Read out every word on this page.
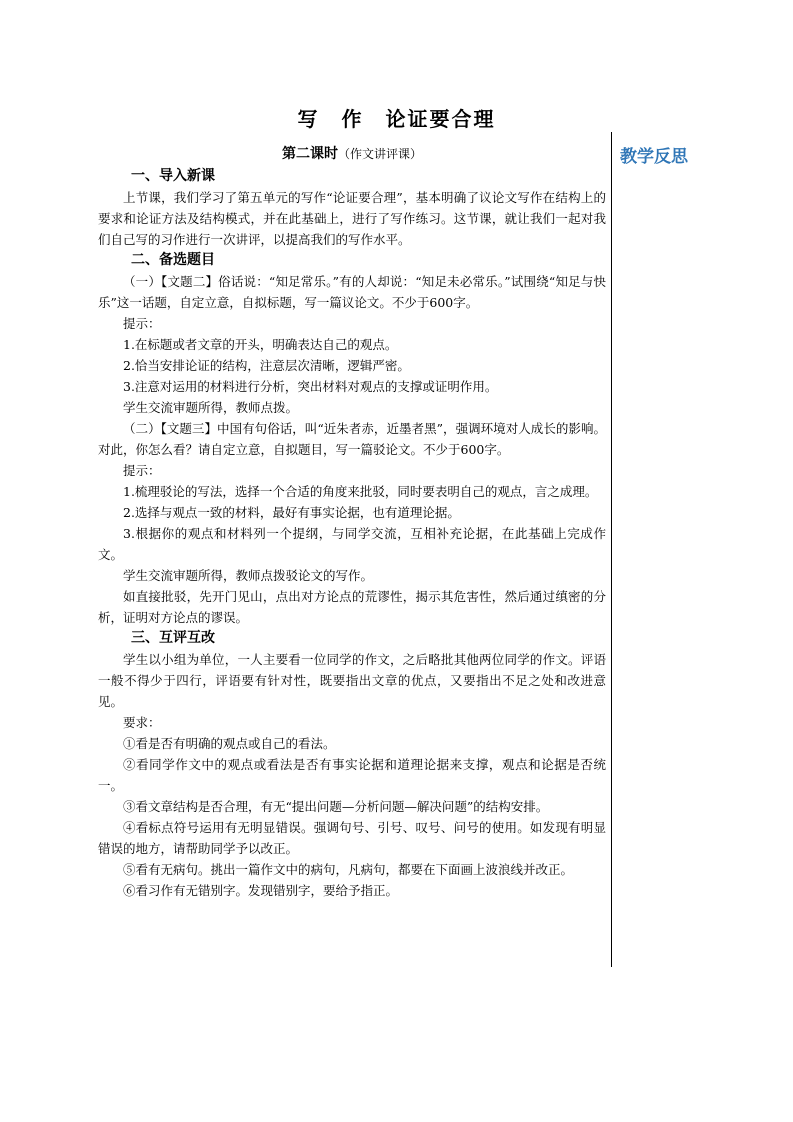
写　作　论证要合理
教学反思
第二课时（作文讲评课）
一、导入新课
上节课，我们学习了第五单元的写作“论证要合理”，基本明确了议论文写作在结构上的要求和论证方法及结构模式，并在此基础上，进行了写作练习。这节课，就让我们一起对我们自己写的习作进行一次讲评，以提高我们的写作水平。
二、备选题目
（一）【文题二】俗话说：“知足常乐。”有的人却说：“知足未必常乐。”试围绕“知足与快乐”这一话题，自定立意，自拟标题，写一篇议论文。不少于600字。
提示：
1.在标题或者文章的开头，明确表达自己的观点。
2.恰当安排论证的结构，注意层次清晰，逻辑严密。
3.注意对运用的材料进行分析，突出材料对观点的支撑或证明作用。
学生交流审题所得，教师点拨。
（二）【文题三】中国有句俗话，叫“近朱者赤，近墨者黑”，强调环境对人成长的影响。对此，你怎么看？请自定立意，自拟题目，写一篇驳论文。不少于600字。
提示：
1.梳理驳论的写法，选择一个合适的角度来批驳，同时要表明自己的观点，言之成理。
2.选择与观点一致的材料，最好有事实论据，也有道理论据。
3.根据你的观点和材料列一个提纲，与同学交流，互相补充论据，在此基础上完成作文。
学生交流审题所得，教师点拨驳论文的写作。
如直接批驳，先开门见山，点出对方论点的荒谬性，揭示其危害性，然后通过缜密的分析，证明对方论点的谬误。
三、互评互改
学生以小组为单位，一人主要看一位同学的作文，之后略批其他两位同学的作文。评语一般不得少于四行，评语要有针对性，既要指出文章的优点，又要指出不足之处和改进意见。
要求：
①看是否有明确的观点或自己的看法。
②看同学作文中的观点或看法是否有事实论据和道理论据来支撑，观点和论据是否统一。
③看文章结构是否合理，有无“提出问题—分析问题—解决问题”的结构安排。
④看标点符号运用有无明显错误。强调句号、引号、叹号、问号的使用。如发现有明显错误的地方，请帮助同学予以改正。
⑤看有无病句。挑出一篇作文中的病句，凡病句，都要在下面画上波浪线并改正。
⑥看习作有无错别字。发现错别字，要给予指正。
